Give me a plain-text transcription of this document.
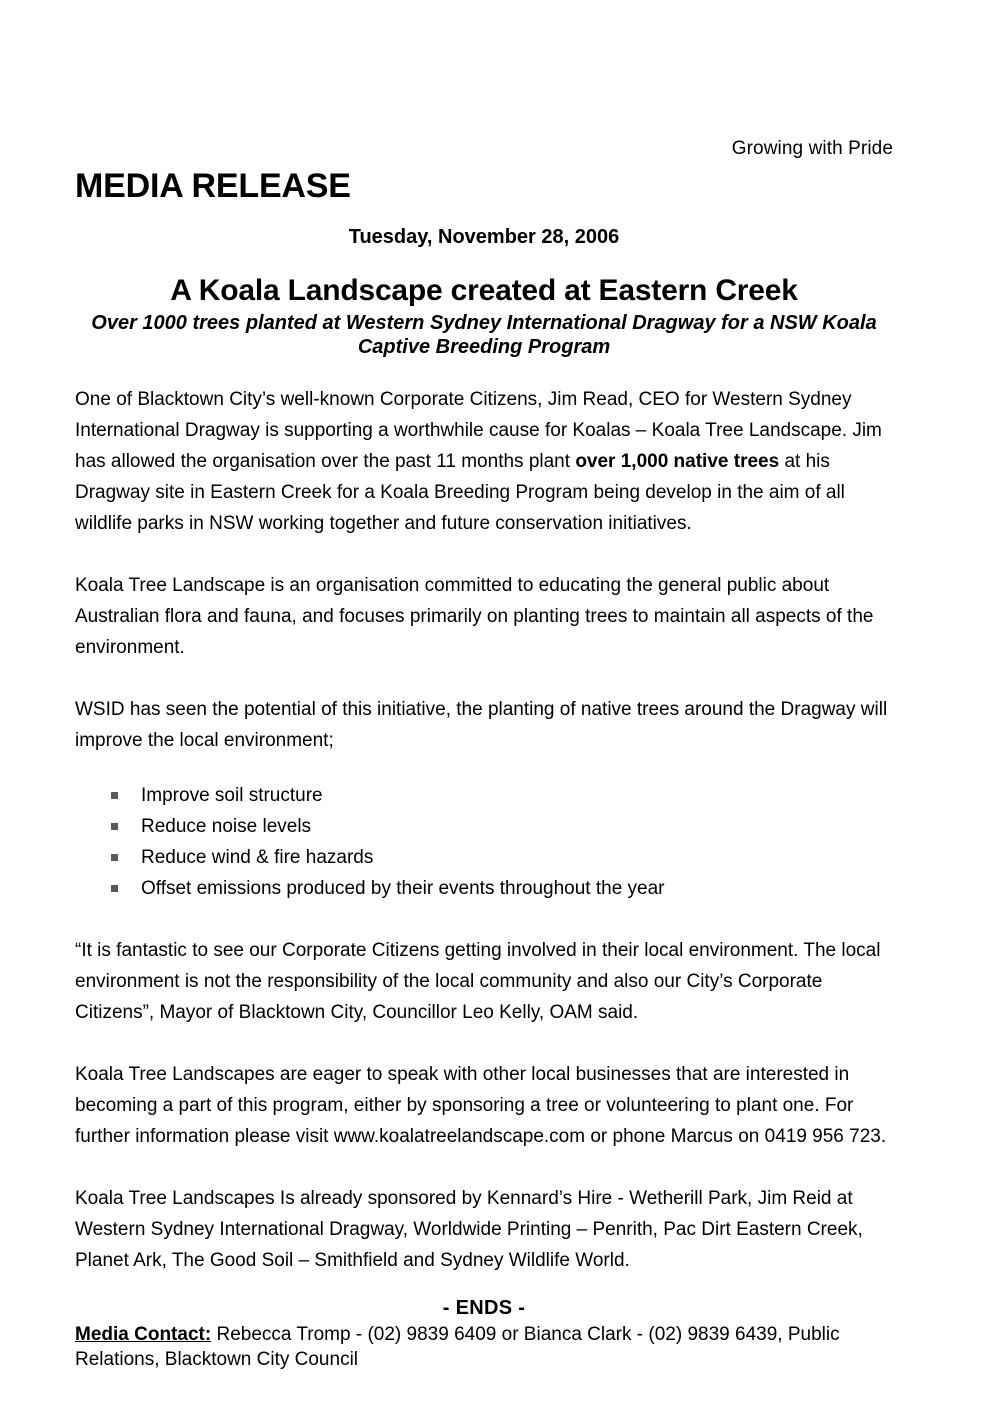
Growing with Pride
MEDIA RELEASE
Tuesday, November 28, 2006
A Koala Landscape created at Eastern Creek
Over 1000 trees planted at Western Sydney International Dragway for a NSW Koala Captive Breeding Program

One of Blacktown City’s well-known Corporate Citizens, Jim Read, CEO for Western Sydney International Dragway is supporting a worthwhile cause for Koalas – Koala Tree Landscape. Jim has allowed the organisation over the past 11 months plant over 1,000 native trees at his Dragway site in Eastern Creek for a Koala Breeding Program being develop in the aim of all wildlife parks in NSW working together and future conservation initiatives.

Koala Tree Landscape is an organisation committed to educating the general public about Australian flora and fauna, and focuses primarily on planting trees to maintain all aspects of the environment.

WSID has seen the potential of this initiative, the planting of native trees around the Dragway will improve the local environment;

Improve soil structure
Reduce noise levels
Reduce wind & fire hazards
Offset emissions produced by their events throughout the year

“It is fantastic to see our Corporate Citizens getting involved in their local environment. The local environment is not the responsibility of the local community and also our City’s Corporate Citizens”, Mayor of Blacktown City, Councillor Leo Kelly, OAM said.

Koala Tree Landscapes are eager to speak with other local businesses that are interested in becoming a part of this program, either by sponsoring a tree or volunteering to plant one. For further information please visit www.koalatreelandscape.com or phone Marcus on 0419 956 723.

Koala Tree Landscapes Is already sponsored by Kennard’s Hire - Wetherill Park, Jim Reid at Western Sydney International Dragway, Worldwide Printing – Penrith, Pac Dirt Eastern Creek, Planet Ark, The Good Soil – Smithfield and Sydney Wildlife World.

- ENDS -
Media Contact: Rebecca Tromp - (02) 9839 6409 or Bianca Clark - (02) 9839 6439, Public Relations, Blacktown City Council
